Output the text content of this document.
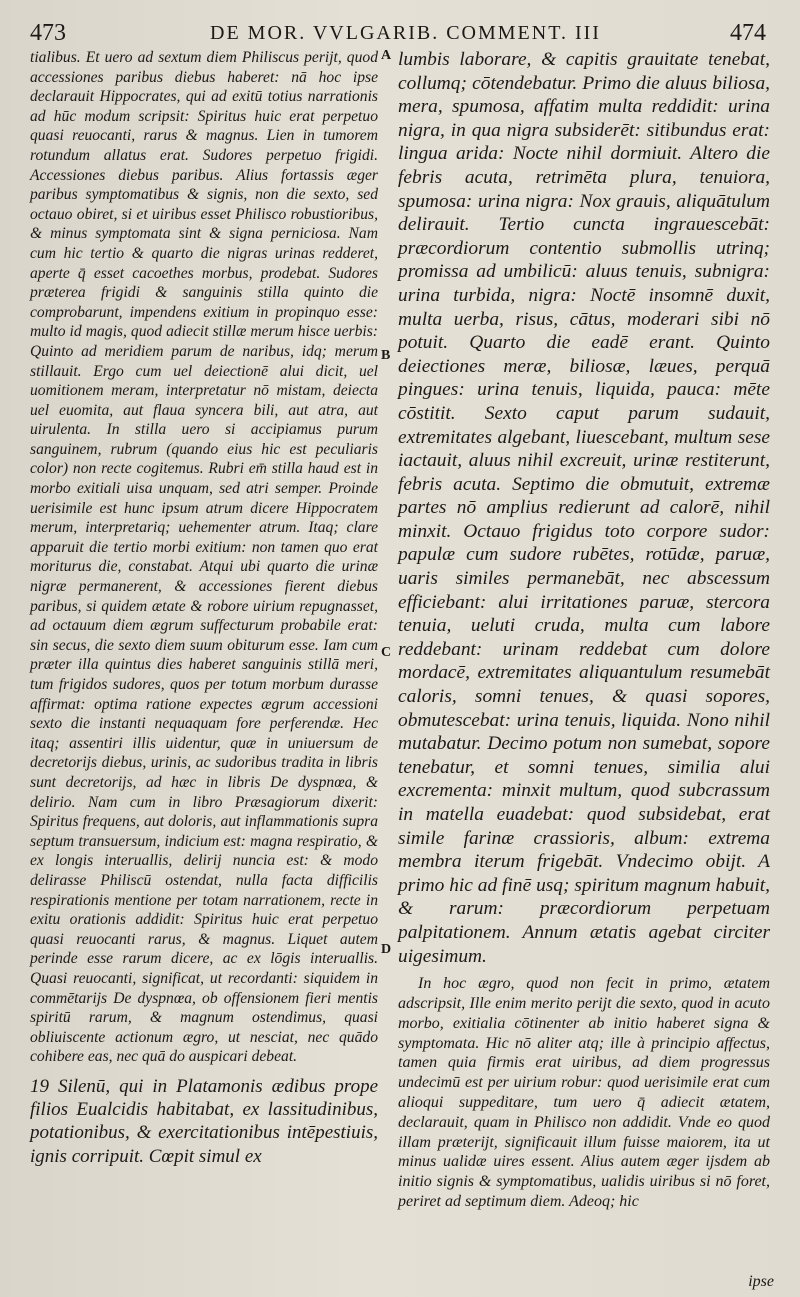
473	DE MOR. VVLGARIB. COMMENT. III	474

tialibus. Et uero ad sextum diem Philiscus perijt, quod accessiones paribus diebus haberet: nā hoc ipse declarauit Hippocrates, qui ad exitū totius narrationis ad hūc modum scripsit: Spiritus huic erat perpetuo quasi reuocanti, rarus & magnus. Lien in tumorem rotundum allatus erat. Sudores perpetuo frigidi. Accessiones diebus paribus. Alius fortassis æger paribus symptomatibus & signis, non die sexto, sed octauo obiret, si et uiribus esset Philisco robustioribus, & minus symptomata sint & signa perniciosa. Nam cum hic tertio & quarto die nigras urinas redderet, aperte q̄ esset cacoethes morbus, prodebat. Sudores præterea frigidi & sanguinis stilla quinto die comprobarunt, impendens exitium in propinquo esse: multo id magis, quod adiecit stillæ merum hisce uerbis: Quinto ad meridiem parum de naribus, idq; merum stillauit. Ergo cum uel deiectionē alui dicit, uel uomitionem meram, interpretatur nō mistam, deiecta uel euomita, aut flaua syncera bili, aut atra, aut uirulenta. In stilla uero si accipiamus purum sanguinem, rubrum (quando eius hic est peculiaris color) non recte cogitemus. Rubri em̄ stilla haud est in morbo exitiali uisa unquam, sed atri semper. Proinde uerisimile est hunc ipsum atrum dicere Hippocratem merum, interpretariq; uehementer atrum. Itaq; clare apparuit die tertio morbi exitium: non tamen quo erat moriturus die, constabat. Atqui ubi quarto die urinæ nigræ permanerent, & accessiones fierent diebus paribus, si quidem ætate & robore uirium repugnasset, ad octauum diem ægrum suffecturum probabile erat: sin secus, die sexto diem suum obiturum esse. Iam cum præter illa quintus dies haberet sanguinis stillā meri, tum frigidos sudores, quos per totum morbum durasse affirmat: optima ratione expectes ægrum accessioni sexto die instanti nequaquam fore perferendæ. Hec itaq; assentiri illis uidentur, quæ in uniuersum de decretorijs diebus, urinis, ac sudoribus tradita in libris sunt decretorijs, ad hæc in libris De dyspnœa, & delirio. Nam cum in libro Præsagiorum dixerit: Spiritus frequens, aut doloris, aut inflammationis supra septum transuersum, indicium est: magna respiratio, & ex longis interuallis, delirij nuncia est: & modo delirasse Philiscū ostendat, nulla facta difficilis respirationis mentione per totam narrationem, recte in exitu orationis addidit: Spiritus huic erat perpetuo quasi reuocanti rarus, & magnus. Liquet autem perinde esse rarum dicere, ac ex lōgis interuallis. Quasi reuocanti, significat, ut recordanti: siquidem in commētarijs De dyspnœa, ob offensionem fieri mentis spiritū rarum, & magnum ostendimus, quasi obliuiscente actionum ægro, ut nesciat, nec quādo cohibere eas, nec quā do auspicari debeat.

19 Silenū, qui in Platamonis ædibus prope filios Eualcidis habitabat, ex lassitudinibus, potationibus, & exercitationibus intēpestiuis, ignis corripuit. Cœpit simul ex

A
B
C
D

lumbis laborare, & capitis grauitate tenebat, collumq; cōtendebatur. Primo die aluus biliosa, mera, spumosa, affatim multa reddidit: urina nigra, in qua nigra subsiderēt: sitibundus erat: lingua arida: Nocte nihil dormiuit. Altero die febris acuta, retrimēta plura, tenuiora, spumosa: urina nigra: Nox grauis, aliquātulum delirauit. Tertio cuncta ingrauescebāt: præcordiorum contentio submollis utrinq; promissa ad umbilicū: aluus tenuis, subnigra: urina turbida, nigra: Noctē insomnē duxit, multa uerba, risus, cātus, moderari sibi nō potuit. Quarto die eadē erant. Quinto deiectiones meræ, biliosæ, læues, perquā pingues: urina tenuis, liquida, pauca: mēte cōstitit. Sexto caput parum sudauit, extremitates algebant, liuescebant, multum sese iactauit, aluus nihil excreuit, urinæ restiterunt, febris acuta. Septimo die obmutuit, extremæ partes nō amplius redierunt ad calorē, nihil minxit. Octauo frigidus toto corpore sudor: papulæ cum sudore rubētes, rotūdæ, paruæ, uaris similes permanebāt, nec abscessum efficiebant: alui irritationes paruæ, stercora tenuia, ueluti cruda, multa cum labore reddebant: urinam reddebat cum dolore mordacē, extremitates aliquantulum resumebāt caloris, somni tenues, & quasi sopores, obmutescebat: urina tenuis, liquida. Nono nihil mutabatur. Decimo potum non sumebat, sopore tenebatur, et somni tenues, similia alui excrementa: minxit multum, quod subcrassum in matella euadebat: quod subsidebat, erat simile farinæ crassioris, album: extrema membra iterum frigebāt. Vndecimo obijt. A primo hic ad finē usq; spiritum magnum habuit, & rarum: præcordiorum perpetuam palpitationem. Annum ætatis agebat circiter uigesimum.

In hoc ægro, quod non fecit in primo, ætatem adscripsit, Ille enim merito perijt die sexto, quod in acuto morbo, exitialia cōtinenter ab initio haberet signa & symptomata. Hic nō aliter atq; ille à principio affectus, tamen quia firmis erat uiribus, ad diem progressus undecimū est per uirium robur: quod uerisimile erat cum alioqui suppeditare, tum uero q̄ adiecit ætatem, declarauit, quam in Philisco non addidit. Vnde eo quod illam præterijt, significauit illum fuisse maiorem, ita ut minus ualidæ uires essent. Alius autem æger ijsdem ab initio signis & symptomatibus, ualidis uiribus si nō foret, periret ad septimum diem. Adeoq; hic

ipse
